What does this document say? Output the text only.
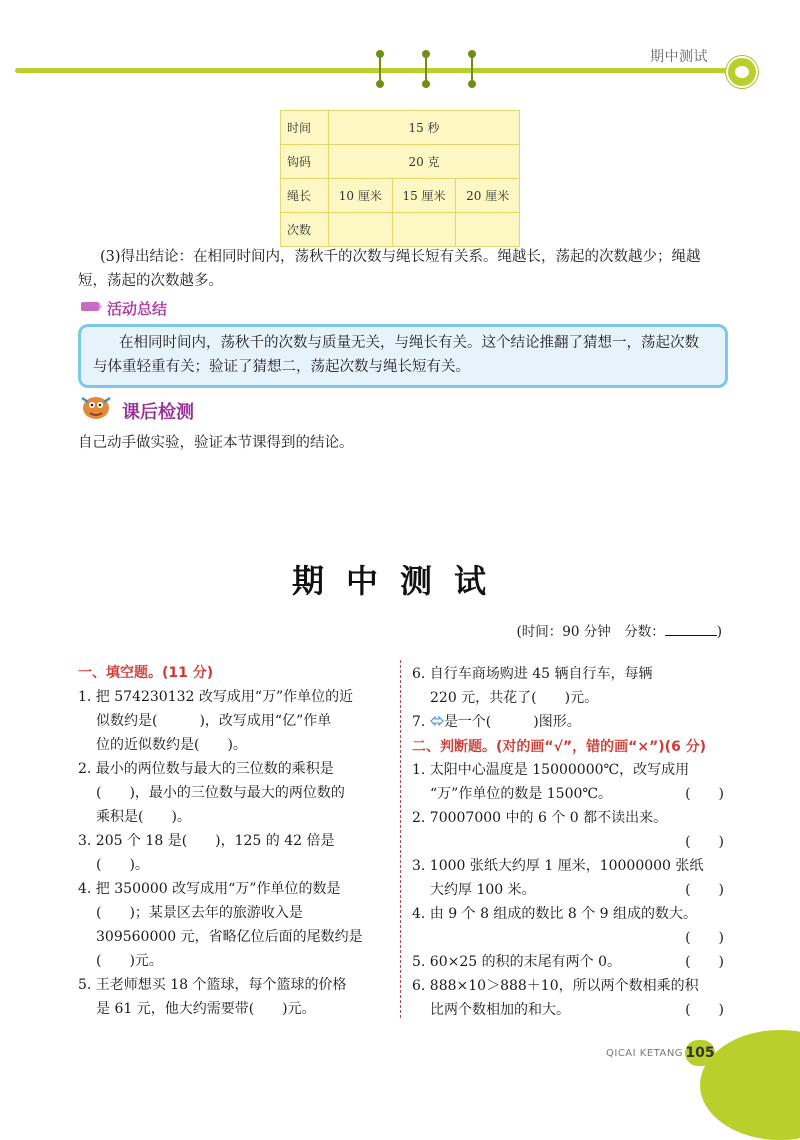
期中测试
时间	15 秒		
钩码	20 克		
绳长	10 厘米	15 厘米	20 厘米
次数			
(3)得出结论：在相同时间内，荡秋千的次数与绳长短有关系。绳越长，荡起的次数越少；绳越
短，荡起的次数越多。
活动总结
在相同时间内，荡秋千的次数与质量无关，与绳长有关。这个结论推翻了猜想一，荡起次数
与体重轻重有关；验证了猜想二，荡起次数与绳长短有关。
课后检测
自己动手做实验，验证本节课得到的结论。
期中测试
(时间：90 分钟　分数：	)
一、填空题。(11 分)
1. 把 574230132 改写成用“万”作单位的近
似数约是(　　　)，改写成用“亿”作单
位的近似数约是(　　)。
2. 最小的两位数与最大的三位数的乘积是
(　　)，最小的三位数与最大的两位数的
乘积是(　　)。
3. 205 个 18 是(　　)，125 的 42 倍是
(　　)。
4. 把 350000 改写成用“万”作单位的数是
(　　)；某景区去年的旅游收入是
309560000 元，省略亿位后面的尾数约是
(　　)元。
5. 王老师想买 18 个篮球，每个篮球的价格
是 61 元，他大约需要带(　　)元。
6. 自行车商场购进 45 辆自行车，每辆
220 元，共花了(　　)元。
7. 是一个(　　　)图形。
二、判断题。(对的画“√”，错的画“×”)(6 分)
1. 太阳中心温度是 15000000℃，改写成用
“万”作单位的数是 1500℃。	(　　)
2. 70007000 中的 6 个 0 都不读出来。

(　　)
3. 1000 张纸大约厚 1 厘米，10000000 张纸
大约厚 100 米。	(　　)
4. 由 9 个 8 组成的数比 8 个 9 组成的数大。

(　　)
5. 60×25 的积的末尾有两个 0。	(　　)
6. 888×10＞888＋10，所以两个数相乘的积
比两个数相加的和大。	(　　)
QICAI KETANG 105
